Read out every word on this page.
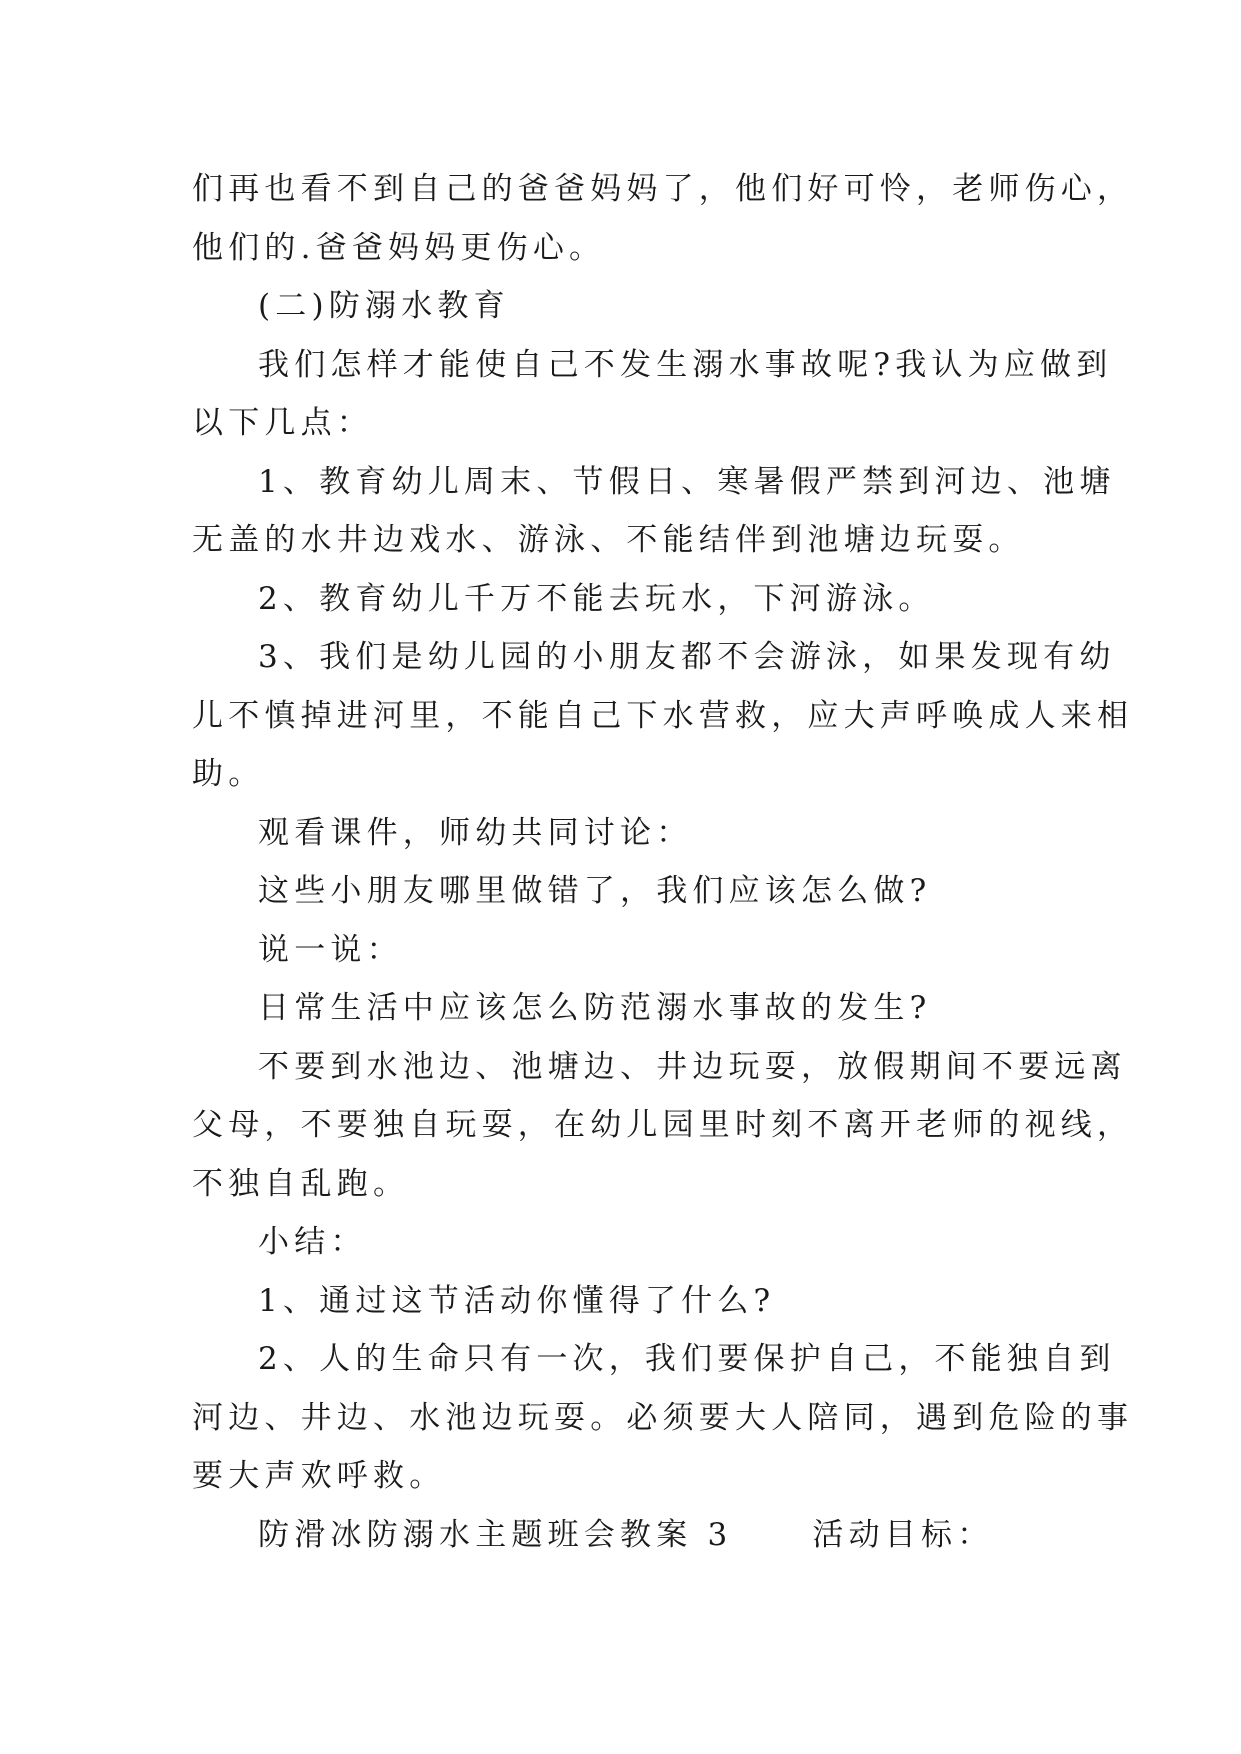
们再也看不到自己的爸爸妈妈了，他们好可怜，老师伤心，
他们的.爸爸妈妈更伤心。
(二)防溺水教育
我们怎样才能使自己不发生溺水事故呢?我认为应做到
以下几点：
1、教育幼儿周末、节假日、寒暑假严禁到河边、池塘
无盖的水井边戏水、游泳、不能结伴到池塘边玩耍。
2、教育幼儿千万不能去玩水，下河游泳。
3、我们是幼儿园的小朋友都不会游泳，如果发现有幼
儿不慎掉进河里，不能自己下水营救，应大声呼唤成人来相
助。
观看课件，师幼共同讨论：
这些小朋友哪里做错了，我们应该怎么做?
说一说：
日常生活中应该怎么防范溺水事故的发生?
不要到水池边、池塘边、井边玩耍，放假期间不要远离
父母，不要独自玩耍，在幼儿园里时刻不离开老师的视线，
不独自乱跑。
小结：
1、通过这节活动你懂得了什么?
2、人的生命只有一次，我们要保护自己，不能独自到
河边、井边、水池边玩耍。必须要大人陪同，遇到危险的事
要大声欢呼救。
防滑冰防溺水主题班会教案 3	活动目标：
